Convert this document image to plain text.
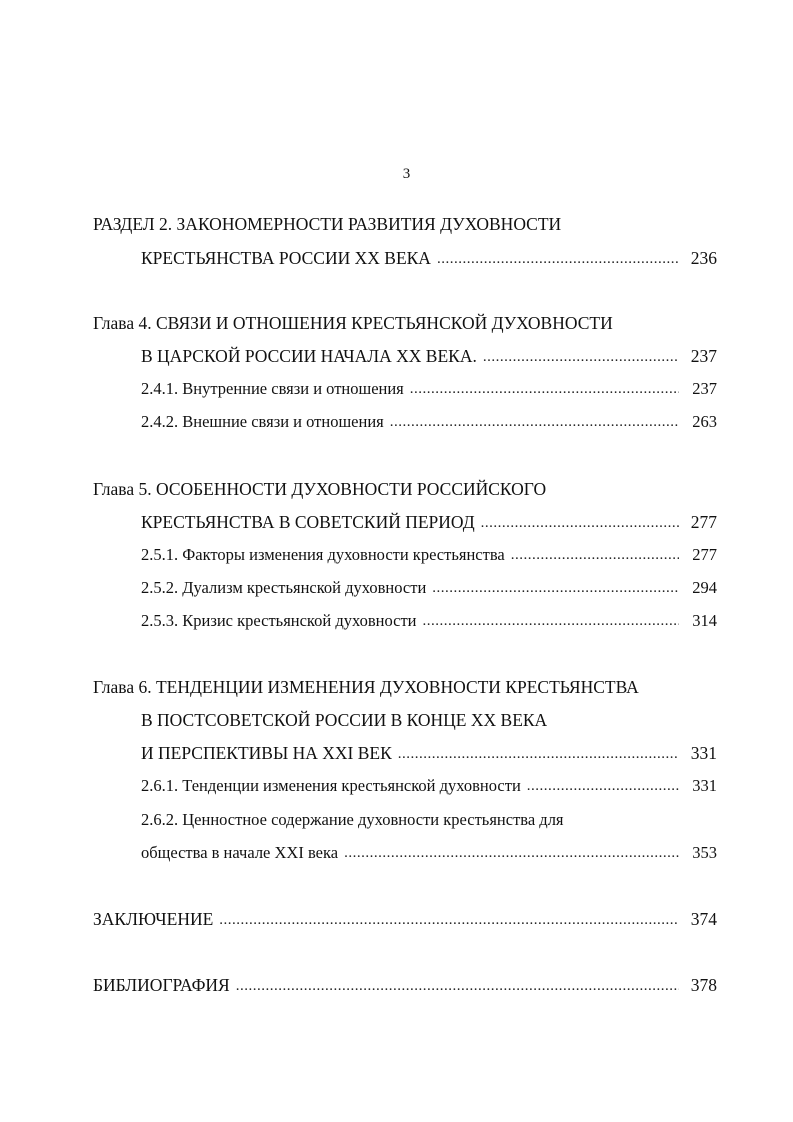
3
РАЗДЕЛ 2. ЗАКОНОМЕРНОСТИ РАЗВИТИЯ ДУХОВНОСТИ
КРЕСТЬЯНСТВА РОССИИ XX ВЕКА .....	236
Глава 4. СВЯЗИ И ОТНОШЕНИЯ КРЕСТЬЯНСКОЙ ДУХОВНОСТИ
В ЦАРСКОЙ РОССИИ НАЧАЛА XX ВЕКА. .....	237
2.4.1. Внутренние связи и отношения .....	237
2.4.2. Внешние связи и отношения .....	263
Глава 5. ОСОБЕННОСТИ ДУХОВНОСТИ РОССИЙСКОГО
КРЕСТЬЯНСТВА В СОВЕТСКИЙ ПЕРИОД .....	277
2.5.1. Факторы изменения духовности крестьянства .....	277
2.5.2. Дуализм крестьянской духовности .....	294
2.5.3. Кризис крестьянской духовности .....	314
Глава 6. ТЕНДЕНЦИИ ИЗМЕНЕНИЯ ДУХОВНОСТИ КРЕСТЬЯНСТВА
В ПОСТСОВЕТСКОЙ РОССИИ В КОНЦЕ XX ВЕКА
И ПЕРСПЕКТИВЫ НА XXI ВЕК .....	331
2.6.1. Тенденции изменения крестьянской духовности .....	331
2.6.2. Ценностное содержание духовности крестьянства для
общества в начале XXI века .....	353
ЗАКЛЮЧЕНИЕ .....	374
БИБЛИОГРАФИЯ .....	378
